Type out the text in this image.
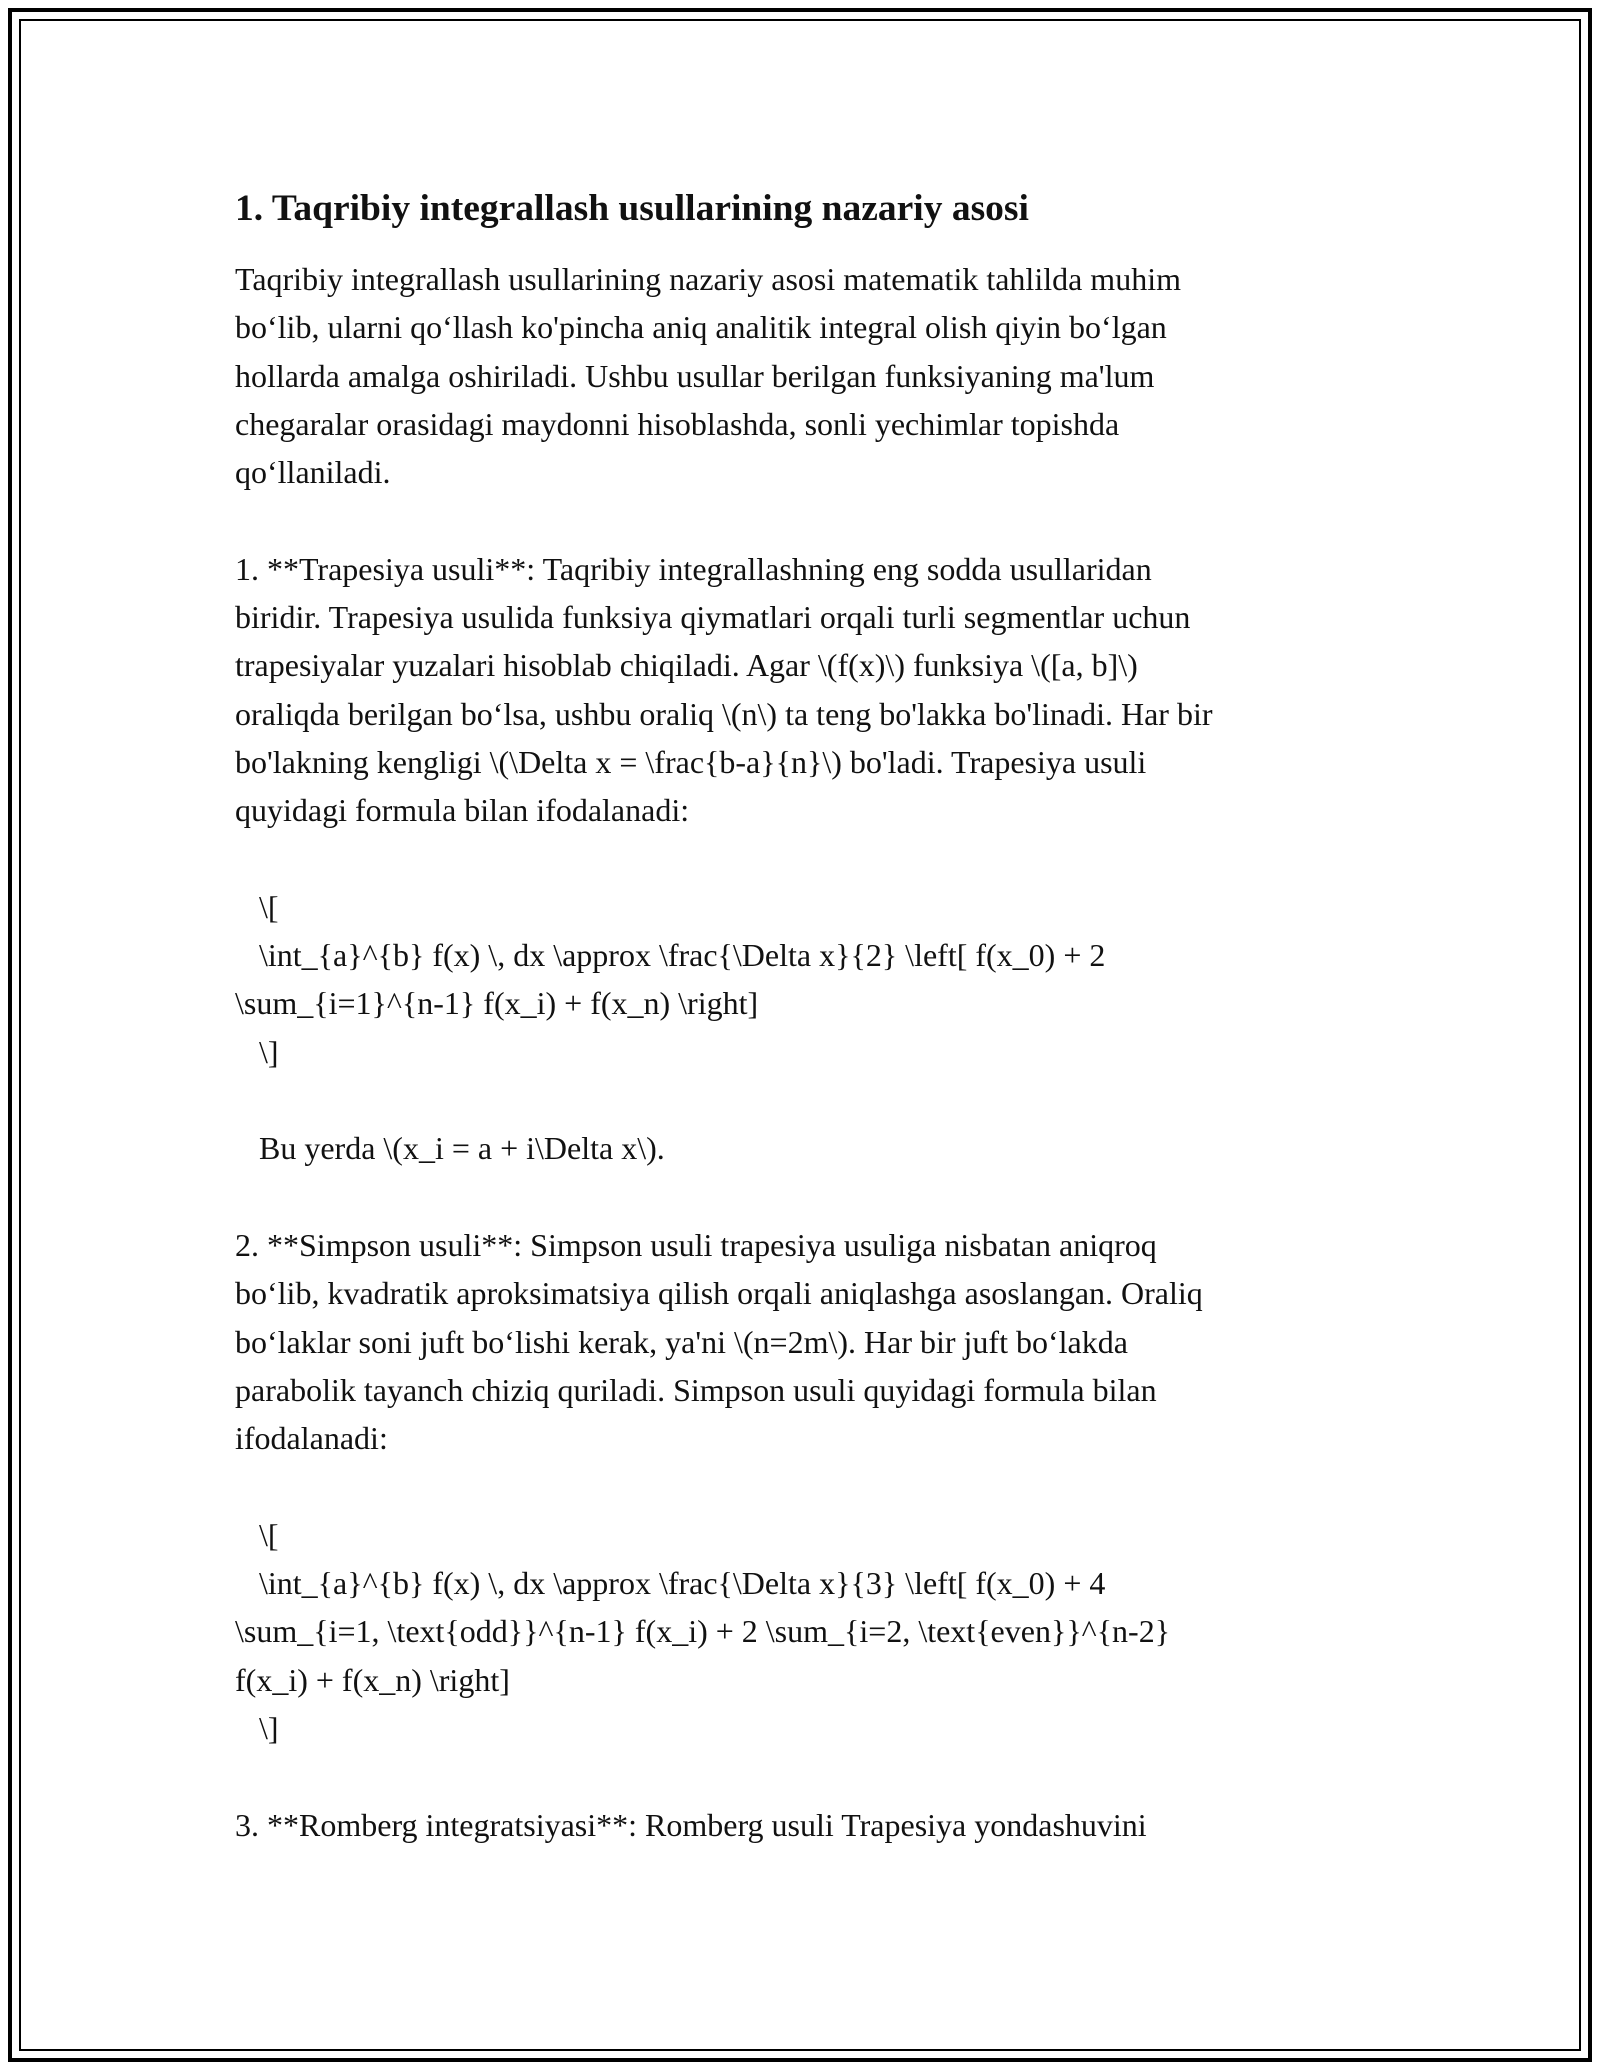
1. Taqribiy integrallash usullarining nazariy asosi

Taqribiy integrallash usullarining nazariy asosi matematik tahlilda muhim
bo‘lib, ularni qo‘llash ko'pincha aniq analitik integral olish qiyin bo‘lgan
hollarda amalga oshiriladi. Ushbu usullar berilgan funksiyaning ma'lum
chegaralar orasidagi maydonni hisoblashda, sonli yechimlar topishda
qo‘llaniladi.

1. **Trapesiya usuli**: Taqribiy integrallashning eng sodda usullaridan
biridir. Trapesiya usulida funksiya qiymatlari orqali turli segmentlar uchun
trapesiyalar yuzalari hisoblab chiqiladi. Agar \(f(x)\) funksiya \([a, b]\)
oraliqda berilgan bo‘lsa, ushbu oraliq \(n\) ta teng bo'lakka bo'linadi. Har bir
bo'lakning kengligi \(\Delta x = \frac{b-a}{n}\) bo'ladi. Trapesiya usuli
quyidagi formula bilan ifodalanadi:

\[
\int_{a}^{b} f(x) \, dx \approx \frac{\Delta x}{2} \left[ f(x_0) + 2
\sum_{i=1}^{n-1} f(x_i) + f(x_n) \right]
\]

Bu yerda \(x_i = a + i\Delta x\).

2. **Simpson usuli**: Simpson usuli trapesiya usuliga nisbatan aniqroq
bo‘lib, kvadratik aproksimatsiya qilish orqali aniqlashga asoslangan. Oraliq
bo‘laklar soni juft bo‘lishi kerak, ya'ni \(n=2m\). Har bir juft bo‘lakda
parabolik tayanch chiziq quriladi. Simpson usuli quyidagi formula bilan
ifodalanadi:

\[
\int_{a}^{b} f(x) \, dx \approx \frac{\Delta x}{3} \left[ f(x_0) + 4
\sum_{i=1, \text{odd}}^{n-1} f(x_i) + 2 \sum_{i=2, \text{even}}^{n-2}
f(x_i) + f(x_n) \right]
\]

3. **Romberg integratsiyasi**: Romberg usuli Trapesiya yondashuvini
